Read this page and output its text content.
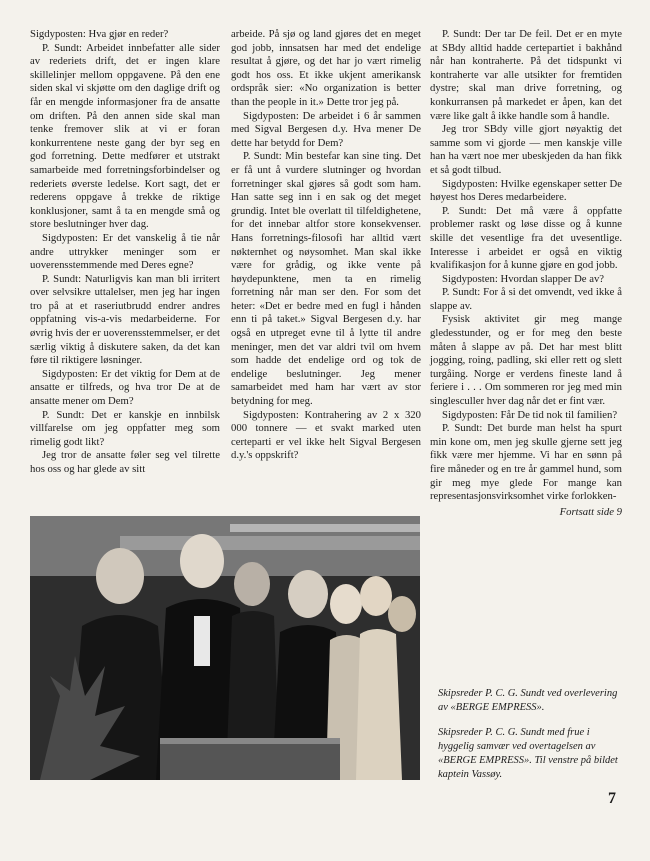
Sigdyposten: Hva gjør en reder?

P. Sundt: Arbeidet innbefatter alle sider av rederiets drift, det er ingen klare skillelinjer mellom oppgavene. På den ene siden skal vi skjøtte om den daglige drift og får en mengde informasjoner fra de ansatte om driften. På den annen side skal man tenke fremover slik at vi er foran konkurrentene neste gang der byr seg en god forretning. Dette medfører et utstrakt samarbeide med forretningsforbindelser og rederiets øverste ledelse. Kort sagt, det er rederens oppgave å trekke de riktige konklusjoner, samt å ta en mengde små og store beslutninger hver dag.

Sigdyposten: Er det vanskelig å tie når andre uttrykker meninger som er uoverensstemmende med Deres egne?

P. Sundt: Naturligvis kan man bli irritert over selvsikre uttalelser, men jeg har ingen tro på at et raseriutbrudd endrer andres oppfatning vis-a-vis medarbeiderne. For øvrig hvis der er uoverensstemmelser, er det særlig viktig å diskutere saken, da det kan føre til riktigere løsninger.

Sigdyposten: Er det viktig for Dem at de ansatte er tilfreds, og hva tror De at de ansatte mener om Dem?

P. Sundt: Det er kanskje en innbilsk villfarelse om jeg oppfatter meg som rimelig godt likt?

Jeg tror de ansatte føler seg vel tilrette hos oss og har glede av sitt

arbeide. På sjø og land gjøres det en meget god jobb, innsatsen har med det endelige resultat å gjøre, og det har jo vært rimelig godt hos oss. Et ikke ukjent amerikansk ordspråk sier: «No organization is better than the people in it.» Dette tror jeg på.

Sigdyposten: De arbeidet i 6 år sammen med Sigval Bergesen d.y. Hva mener De dette har betydd for Dem?

P. Sundt: Min bestefar kan sine ting. Det er få unt å vurdere slutninger og hvordan forretninger skal gjøres så godt som ham. Han satte seg inn i en sak og det meget grundig. Intet ble overlatt til tilfeldighetene, for det innebar altfor store konsekvenser. Hans forretnings-filosofi har alltid vært nøkternhet og nøysomhet. Man skal ikke være for grådig, og ikke vente på høydepunktene, men ta en rimelig forretning når man ser den. For som det heter: «Det er bedre med en fugl i hånden enn ti på taket.» Sigval Bergesen d.y. har også en utpreget evne til å lytte til andre meninger, men det var aldri tvil om hvem som hadde det endelige ord og tok de endelige beslutninger. Jeg mener samarbeidet med ham har vært av stor betydning for meg.

Sigdyposten: Kontrahering av 2 x 320 000 tonnere — et svakt marked uten certeparti er vel ikke helt Sigval Bergesen d.y.'s oppskrift?

P. Sundt: Der tar De feil. Det er en myte at SBdy alltid hadde certepartiet i bakhånd når han kontraherte. På det tidspunkt vi kontraherte var alle utsikter for fremtiden dystre; skal man drive forretning, og konkurransen på markedet er åpen, kan det være like galt å ikke handle som å handle.

Jeg tror SBdy ville gjort nøyaktig det samme som vi gjorde — men kanskje ville han ha vært noe mer ubeskjeden da han fikk et så godt tilbud.

Sigdyposten: Hvilke egenskaper setter De høyest hos Deres medarbeidere.

P. Sundt: Det må være å oppfatte problemer raskt og løse disse og å kunne skille det vesentlige fra det uvesentlige. Interesse i arbeidet er også en viktig kvalifikasjon for å kunne gjøre en god jobb.

Sigdyposten: Hvordan slapper De av?

P. Sundt: For å si det omvendt, ved ikke å slappe av.

Fysisk aktivitet gir meg mange gledesstunder, og er for meg den beste måten å slappe av på. Det har mest blitt jogging, roing, padling, ski eller rett og slett turgåing. Norge er verdens fineste land å feriere i . . . Om sommeren ror jeg med min singlesculler hver dag når det er fint vær.

Sigdyposten: Får De tid nok til familien?

P. Sundt: Det burde man helst ha spurt min kone om, men jeg skulle gjerne sett jeg fikk være mer hjemme. Vi har en sønn på fire måneder og en tre år gammel hund, som gir meg mye glede For mange kan representasjonsvirksomhet virke forlokken-

Fortsatt side 9

Skipsreder P. C. G. Sundt ved overlevering av «BERGE EMPRESS».
Skipsreder P. C. G. Sundt med frue i hyggelig samvær ved overtagelsen av «BERGE EMPRESS». Til venstre på bildet kaptein Vassøy.
7
